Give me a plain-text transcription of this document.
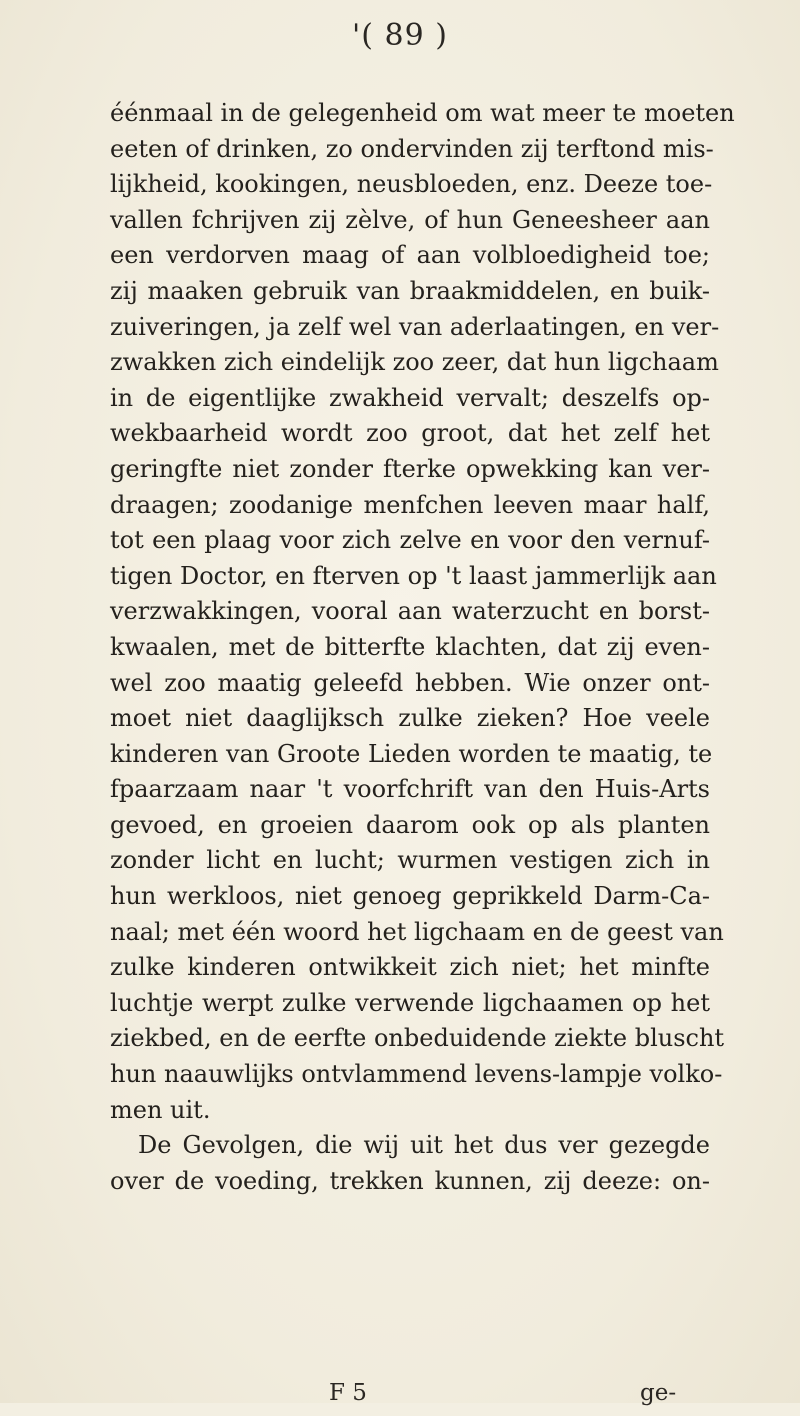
'( 89 )
éénmaal in de gelegenheid om wat meer te moeten
eeten of drinken, zo ondervinden zij terftond mis-
lijkheid, kookingen, neusbloeden, enz. Deeze toe-
vallen fchrijven zij zèlve, of hun Geneesheer aan
een verdorven maag of aan volbloedigheid toe;
zij maaken gebruik van braakmiddelen, en buik-
zuiveringen, ja zelf wel van aderlaatingen, en ver-
zwakken zich eindelijk zoo zeer, dat hun ligchaam
in de eigentlijke zwakheid vervalt; deszelfs op-
wekbaarheid wordt zoo groot, dat het zelf het
geringfte niet zonder fterke opwekking kan ver-
draagen; zoodanige menfchen leeven maar half,
tot een plaag voor zich zelve en voor den vernuf-
tigen Doctor, en fterven op 't laast jammerlijk aan
verzwakkingen, vooral aan waterzucht en borst-
kwaalen, met de bitterfte klachten, dat zij even-
wel zoo maatig geleefd hebben. Wie onzer ont-
moet niet daaglijksch zulke zieken? Hoe veele
kinderen van Groote Lieden worden te maatig, te
fpaarzaam naar 't voorfchrift van den Huis-Arts
gevoed, en groeien daarom ook op als planten
zonder licht en lucht; wurmen vestigen zich in
hun werkloos, niet genoeg geprikkeld Darm-Ca-
naal; met één woord het ligchaam en de geest van
zulke kinderen ontwikkeit zich niet; het minfte
luchtje werpt zulke verwende ligchaamen op het
ziekbed, en de eerfte onbeduidende ziekte bluscht
hun naauwlijks ontvlammend levens-lampje volko-
men uit.
De Gevolgen, die wij uit het dus ver gezegde
over de voeding, trekken kunnen, zij deeze: on-
F 5	ge-
